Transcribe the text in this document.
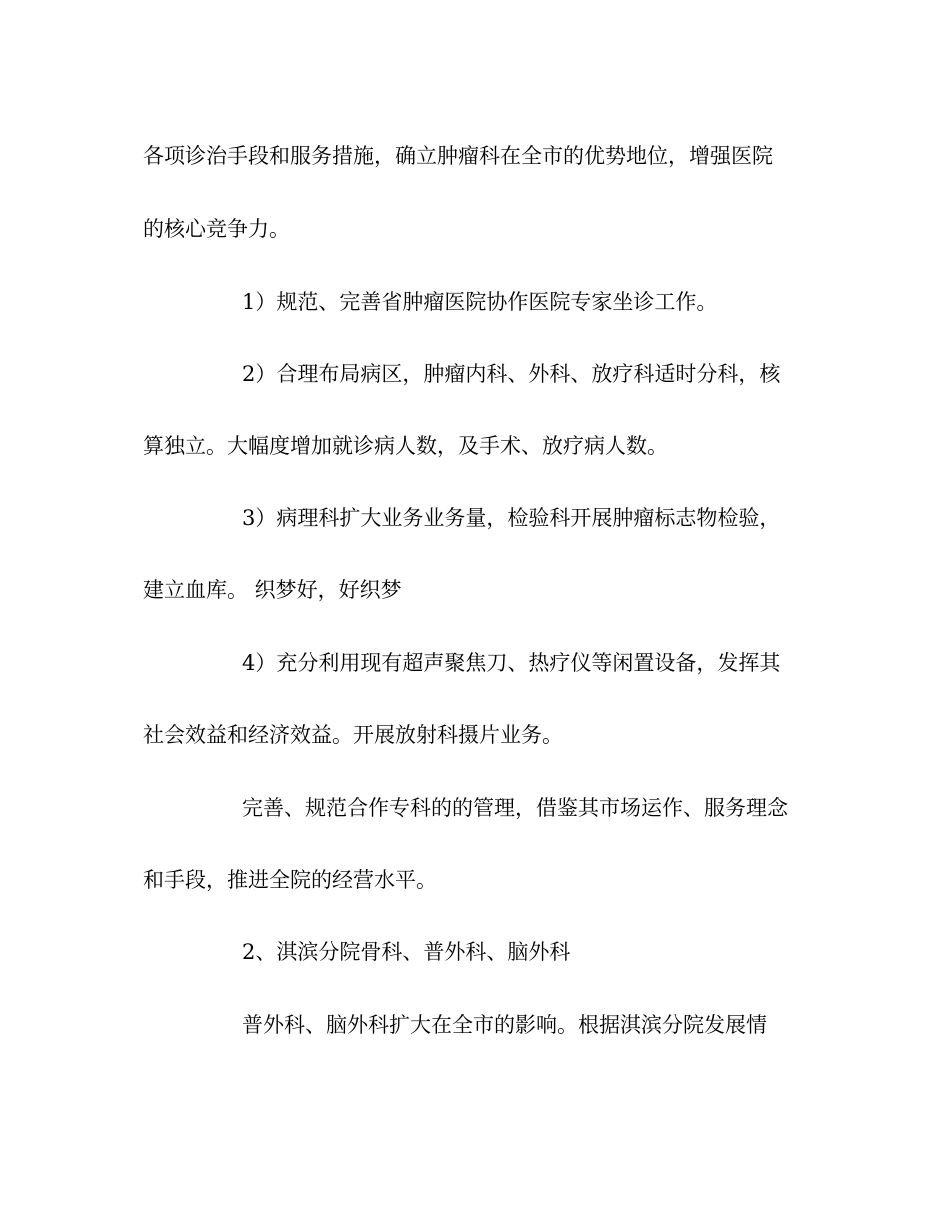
各项诊治手段和服务措施，确立肿瘤科在全市的优势地位，增强医院
的核心竞争力。
1）规范、完善省肿瘤医院协作医院专家坐诊工作。
2）合理布局病区，肿瘤内科、外科、放疗科适时分科，核
算独立。大幅度增加就诊病人数，及手术、放疗病人数。
3）病理科扩大业务业务量，检验科开展肿瘤标志物检验，
建立血库。 织梦好，好织梦
4）充分利用现有超声聚焦刀、热疗仪等闲置设备，发挥其
社会效益和经济效益。开展放射科摄片业务。
完善、规范合作专科的的管理，借鉴其市场运作、服务理念
和手段，推进全院的经营水平。
2、淇滨分院骨科、普外科、脑外科
普外科、脑外科扩大在全市的影响。根据淇滨分院发展情
